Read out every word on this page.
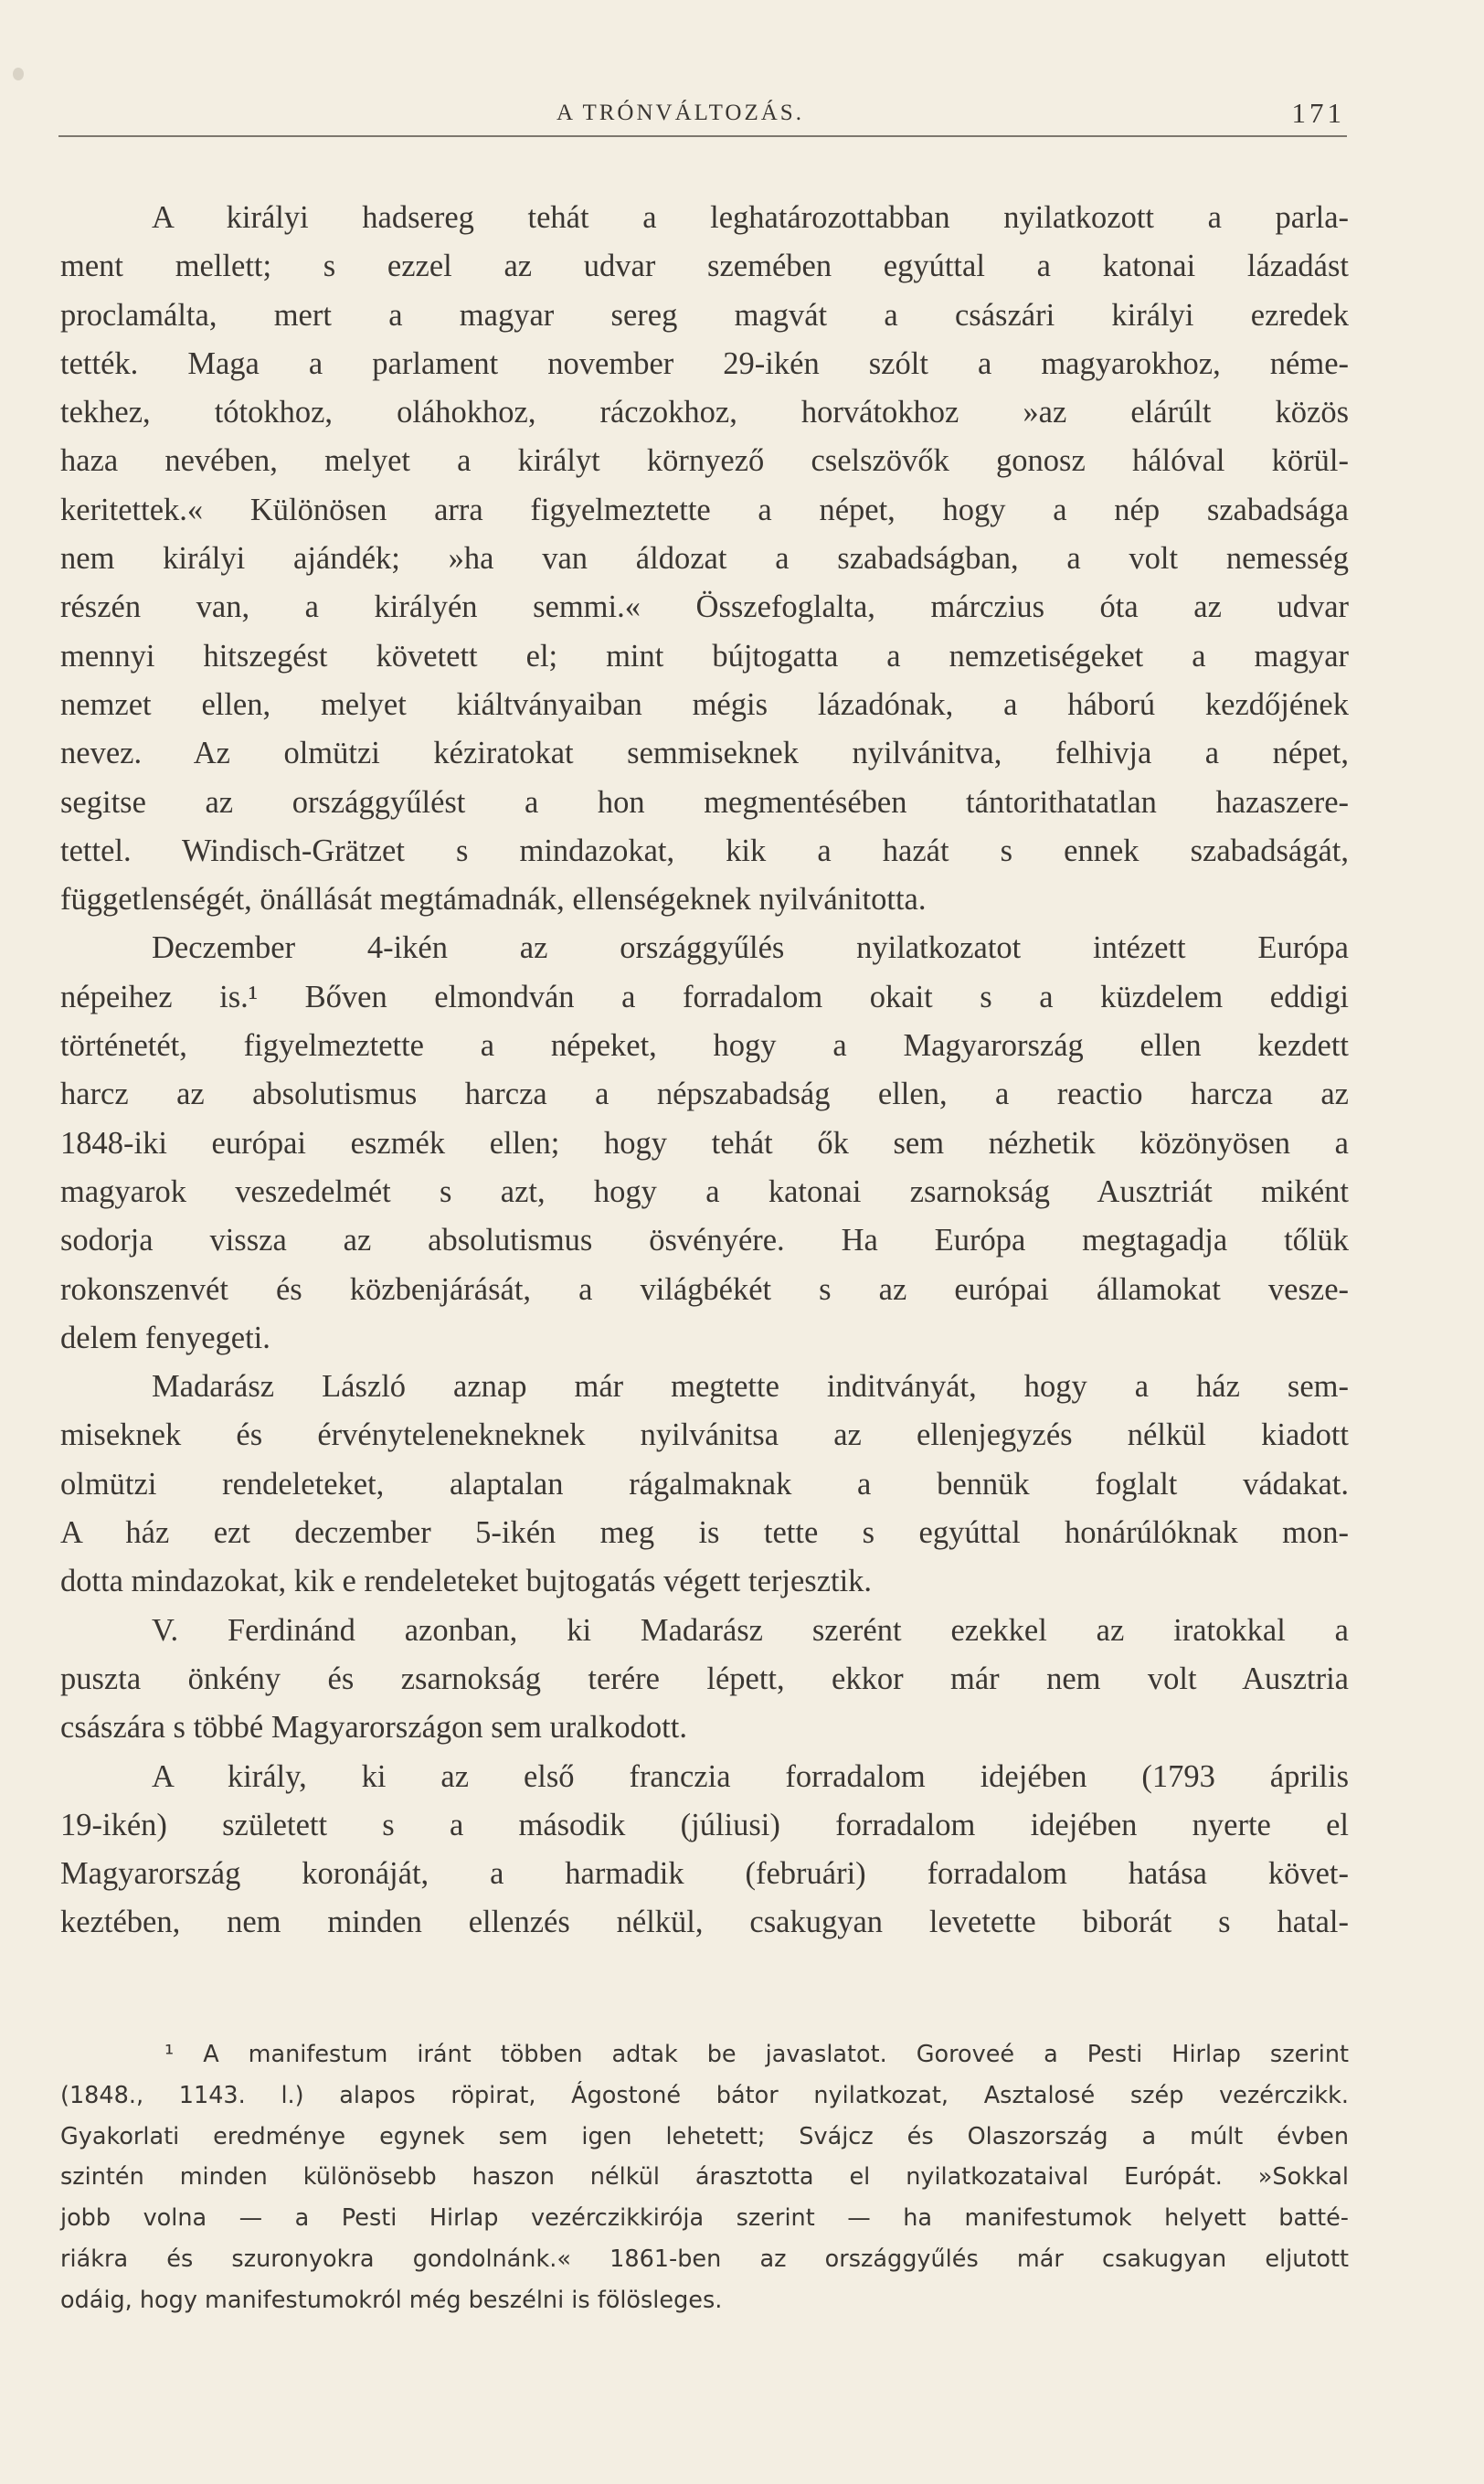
A TRÓNVÁLTOZÁS.	171
A királyi hadsereg tehát a leghatározottabban nyilatkozott a parla-
ment mellett; s ezzel az udvar szemében egyúttal a katonai lázadást
proclamálta, mert a magyar sereg magvát a császári királyi ezredek
tették. Maga a parlament november 29-ikén szólt a magyarokhoz, néme-
tekhez, tótokhoz, oláhokhoz, ráczokhoz, horvátokhoz »az elárúlt közös
haza nevében, melyet a királyt környező cselszövők gonosz hálóval körül-
keritettek.« Különösen arra figyelmeztette a népet, hogy a nép szabadsága
nem királyi ajándék; »ha van áldozat a szabadságban, a volt nemesség
részén van, a királyén semmi.« Összefoglalta, márczius óta az udvar
mennyi hitszegést követett el; mint bújtogatta a nemzetiségeket a magyar
nemzet ellen, melyet kiáltványaiban mégis lázadónak, a háború kezdőjének
nevez. Az olmützi kéziratokat semmiseknek nyilvánitva, felhivja a népet,
segitse az országgyűlést a hon megmentésében tántorithatatlan hazaszere-
tettel. Windisch-Grätzet s mindazokat, kik a hazát s ennek szabadságát,
függetlenségét, önállását megtámadnák, ellenségeknek nyilvánitotta.
Deczember 4-ikén az országgyűlés nyilatkozatot intézett Európa
népeihez is.¹ Bőven elmondván a forradalom okait s a küzdelem eddigi
történetét, figyelmeztette a népeket, hogy a Magyarország ellen kezdett
harcz az absolutismus harcza a népszabadság ellen, a reactio harcza az
1848-iki európai eszmék ellen; hogy tehát ők sem nézhetik közönyösen a
magyarok veszedelmét s azt, hogy a katonai zsarnokság Ausztriát miként
sodorja vissza az absolutismus ösvényére. Ha Európa megtagadja tőlük
rokonszenvét és közbenjárását, a világbékét s az európai államokat vesze-
delem fenyegeti.
Madarász László aznap már megtette inditványát, hogy a ház sem-
miseknek és érvénytelenekneknek nyilvánitsa az ellenjegyzés nélkül kiadott
olmützi rendeleteket, alaptalan rágalmaknak a bennük foglalt vádakat.
A ház ezt deczember 5-ikén meg is tette s egyúttal honárúlóknak mon-
dotta mindazokat, kik e rendeleteket bujtogatás végett terjesztik.
V. Ferdinánd azonban, ki Madarász szerént ezekkel az iratokkal a
puszta önkény és zsarnokság terére lépett, ekkor már nem volt Ausztria
császára s többé Magyarországon sem uralkodott.
A király, ki az első franczia forradalom idejében (1793 április
19-ikén) született s a második (júliusi) forradalom idejében nyerte el
Magyarország koronáját, a harmadik (februári) forradalom hatása követ-
keztében, nem minden ellenzés nélkül, csakugyan levetette biborát s hatal-
¹ A manifestum iránt többen adtak be javaslatot. Goroveé a Pesti Hirlap szerint
(1848., 1143. l.) alapos röpirat, Ágostoné bátor nyilatkozat, Asztalosé szép vezérczikk.
Gyakorlati eredménye egynek sem igen lehetett; Svájcz és Olaszország a múlt évben
szintén minden különösebb haszon nélkül árasztotta el nyilatkozataival Európát. »Sokkal
jobb volna — a Pesti Hirlap vezérczikkirója szerint — ha manifestumok helyett batté-
riákra és szuronyokra gondolnánk.« 1861-ben az országgyűlés már csakugyan eljutott
odáig, hogy manifestumokról még beszélni is fölösleges.
